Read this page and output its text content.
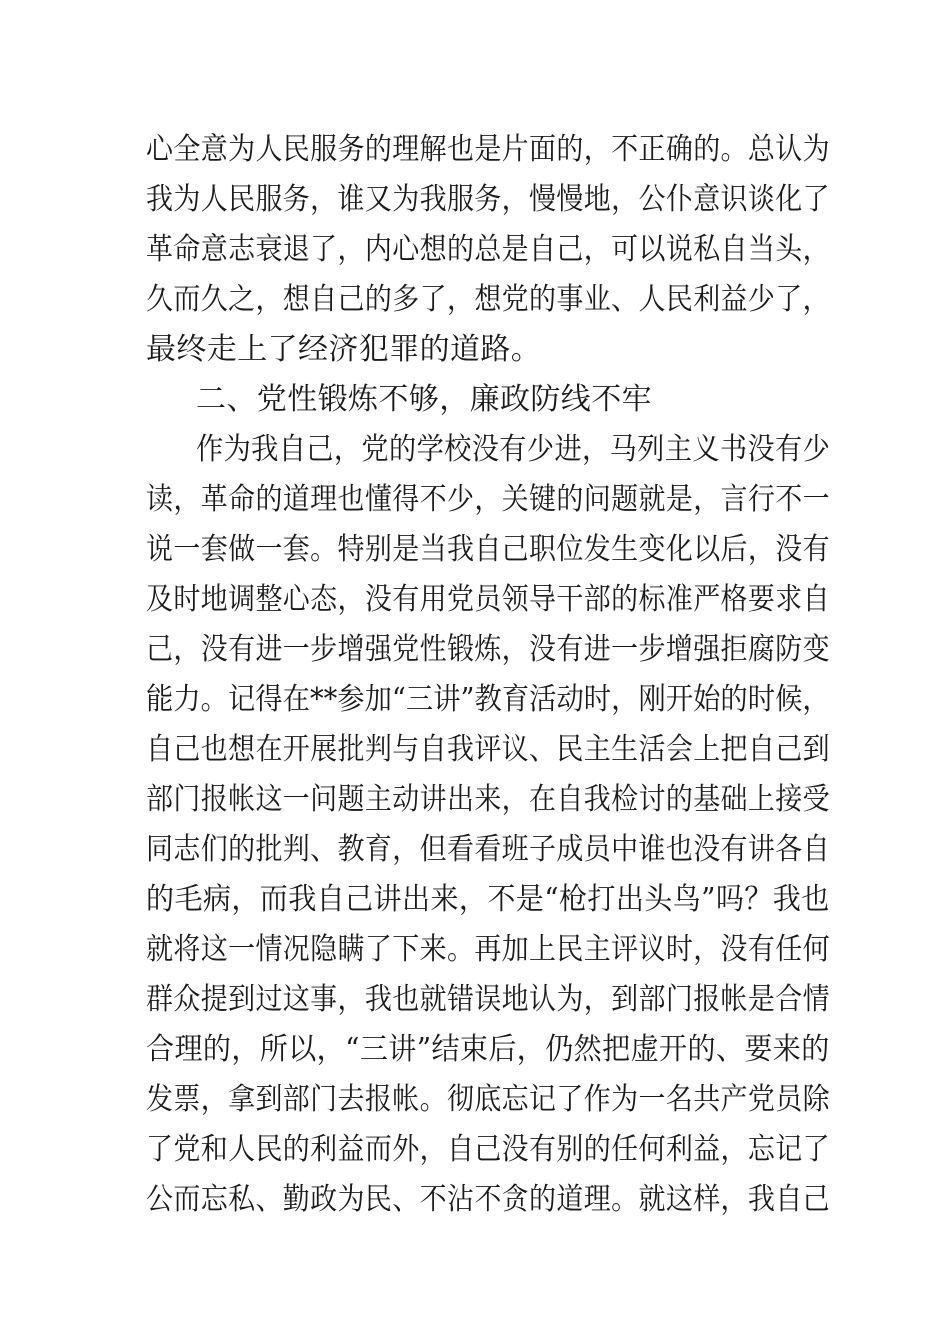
心全意为人民服务的理解也是片面的，不正确的。总认为
我为人民服务，谁又为我服务，慢慢地，公仆意识谈化了
革命意志衰退了，内心想的总是自己，可以说私自当头，
久而久之，想自己的多了，想党的事业、人民利益少了，
最终走上了经济犯罪的道路。
二、党性锻炼不够，廉政防线不牢
作为我自己，党的学校没有少进，马列主义书没有少
读，革命的道理也懂得不少，关键的问题就是，言行不一
说一套做一套。特别是当我自己职位发生变化以后，没有
及时地调整心态，没有用党员领导干部的标准严格要求自
己，没有进一步增强党性锻炼，没有进一步增强拒腐防变
能力。记得在**参加“三讲”教育活动时，刚开始的时候，
自己也想在开展批判与自我评议、民主生活会上把自己到
部门报帐这一问题主动讲出来，在自我检讨的基础上接受
同志们的批判、教育，但看看班子成员中谁也没有讲各自
的毛病，而我自己讲出来，不是“枪打出头鸟”吗？我也
就将这一情况隐瞒了下来。再加上民主评议时，没有任何
群众提到过这事，我也就错误地认为，到部门报帐是合情
合理的，所以，“三讲”结束后，仍然把虚开的、要来的
发票，拿到部门去报帐。彻底忘记了作为一名共产党员除
了党和人民的利益而外，自己没有别的任何利益，忘记了
公而忘私、勤政为民、不沾不贪的道理。就这样，我自己
